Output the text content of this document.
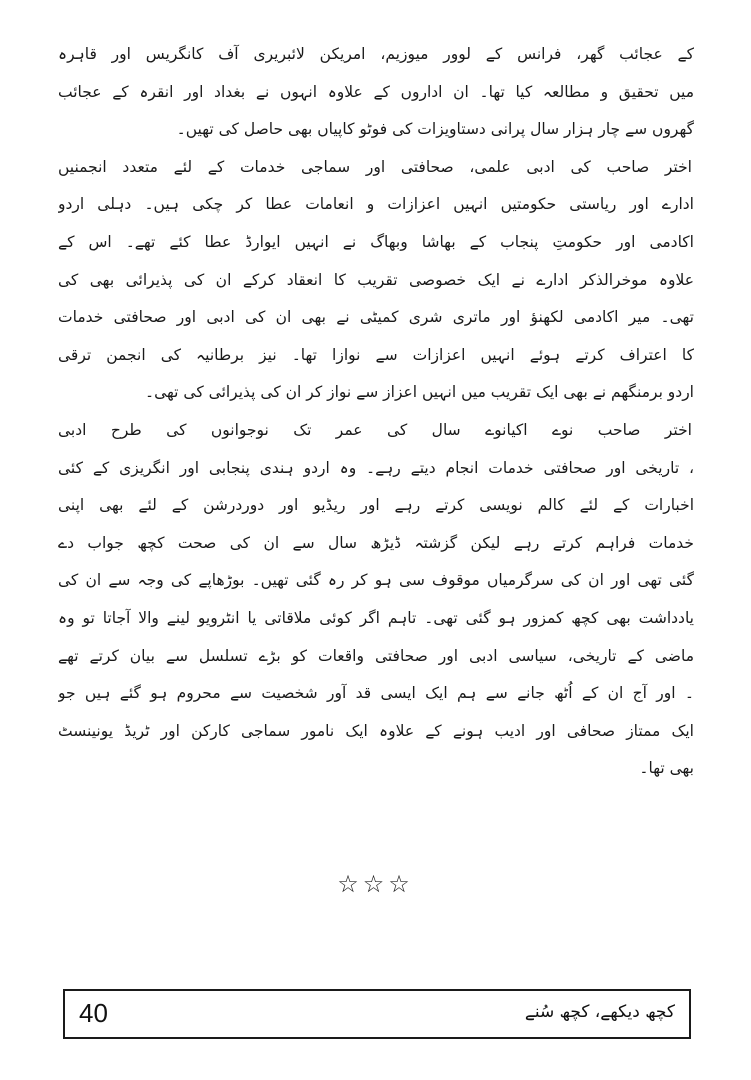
کے عجائب گھر، فرانس کے لوور میوزیم، امریکن لائبریری آف کانگریس اور قاہرہ
میں تحقیق و مطالعہ کیا تھا۔ ان اداروں کے علاوہ انہوں نے بغداد اور انقرہ کے عجائب
گھروں سے چار ہزار سال پرانی دستاویزات کی فوٹو کاپیاں بھی حاصل کی تھیں۔
اختر صاحب کی ادبی علمی، صحافتی اور سماجی خدمات کے لئے متعدد انجمنیں
ادارے اور ریاستی حکومتیں انہیں اعزازات و انعامات عطا کر چکی ہیں۔ دہلی اردو
اکادمی اور حکومتِ پنجاب کے بھاشا وبھاگ نے انہیں ایوارڈ عطا کئے تھے۔ اس کے
علاوہ موخرالذکر ادارے نے ایک خصوصی تقریب کا انعقاد کرکے ان کی پذیرائی بھی کی
تھی۔ میر اکادمی لکھنؤ اور ماتری شری کمیٹی نے بھی ان کی ادبی اور صحافتی خدمات
کا اعتراف کرتے ہوئے انہیں اعزازات سے نوازا تھا۔ نیز برطانیہ کی انجمن ترقی
اردو برمنگھم نے بھی ایک تقریب میں انہیں اعزاز سے نواز کر ان کی پذیرائی کی تھی۔
اختر صاحب نوے اکیانوے سال کی عمر تک نوجوانوں کی طرح ادبی
، تاریخی اور صحافتی خدمات انجام دیتے رہے۔ وہ اردو ہندی پنجابی اور انگریزی کے کئی
اخبارات کے لئے کالم نویسی کرتے رہے اور ریڈیو اور دوردرشن کے لئے بھی اپنی
خدمات فراہم کرتے رہے لیکن گزشتہ ڈیڑھ سال سے ان کی صحت کچھ جواب دے
گئی تھی اور ان کی سرگرمیاں موقوف سی ہو کر رہ گئی تھیں۔ بوڑھاپے کی وجہ سے ان کی
یادداشت بھی کچھ کمزور ہو گئی تھی۔ تاہم اگر کوئی ملاقاتی یا انٹرویو لینے والا آجاتا تو وہ
ماضی کے تاریخی، سیاسی ادبی اور صحافتی واقعات کو بڑے تسلسل سے بیان کرتے تھے
۔ اور آج ان کے اُٹھ جانے سے ہم ایک ایسی قد آور شخصیت سے محروم ہو گئے ہیں جو
ایک ممتاز صحافی اور ادیب ہونے کے علاوہ ایک نامور سماجی کارکن اور ٹریڈ یونینسٹ
بھی تھا۔
☆☆☆
40	کچھ دیکھے، کچھ سُنے
